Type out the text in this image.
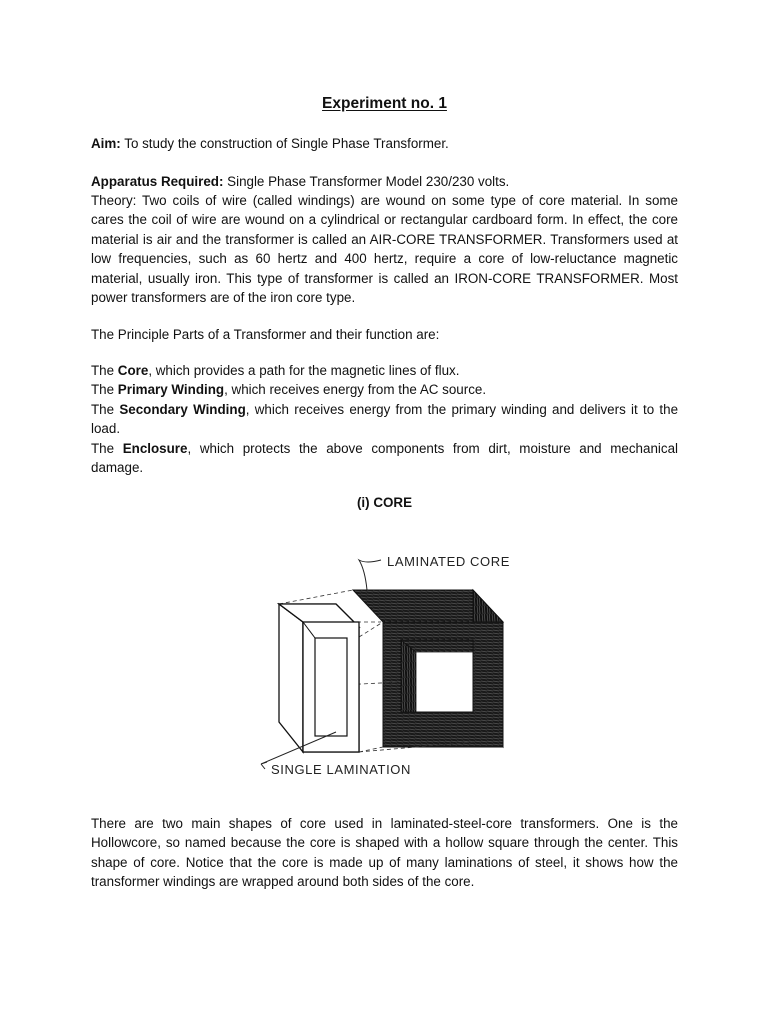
Experiment no. 1

Aim: To study the construction of Single Phase Transformer.

Apparatus Required: Single Phase Transformer Model 230/230 volts.

Theory: Two coils of wire (called windings) are wound on some type of core material. In some cares the coil of wire are wound on a cylindrical or rectangular cardboard form. In effect, the core material is air and the transformer is called an AIR-CORE TRANSFORMER. Transformers used at low frequencies, such as 60 hertz and 400 hertz, require a core of low-reluctance magnetic material, usually iron. This type of transformer is called an IRON-CORE TRANSFORMER. Most power transformers are of the iron core type.

The Principle Parts of a Transformer and their function are:

The Core, which provides a path for the magnetic lines of flux.

The Primary Winding, which receives energy from the AC source.

The Secondary Winding, which receives energy from the primary winding and delivers it to the load.

The Enclosure, which protects the above components from dirt, moisture and mechanical damage.

(i) CORE
LAMINATED CORE
SINGLE LAMINATION

There are two main shapes of core used in laminated-steel-core transformers. One is the Hollowcore, so named because the core is shaped with a hollow square through the center. This shape of core. Notice that the core is made up of many laminations of steel, it shows how the transformer windings are wrapped around both sides of the core.
